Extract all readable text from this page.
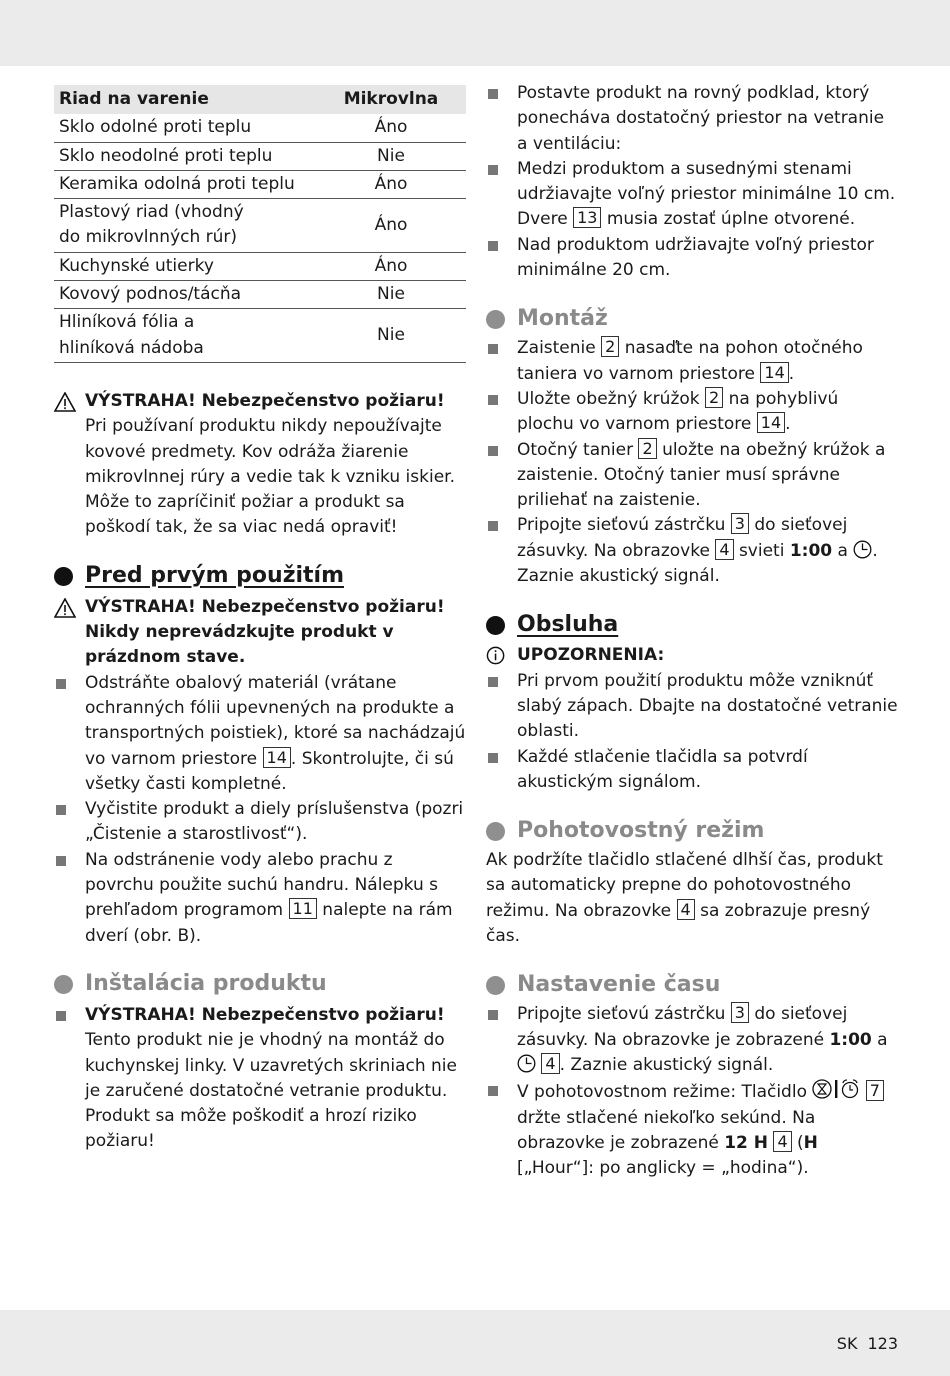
Riad na varenie	Mikrovlna
Sklo odolné proti teplu	Áno
Sklo neodolné proti teplu	Nie
Keramika odolná proti teplu	Áno
Plastový riad (vhodný do mikrovlnných rúr)	Áno
Kuchynské utierky	Áno
Kovový podnos/tácňa	Nie
Hliníková fólia a hliníková nádoba	Nie

VÝSTRAHA! Nebezpečenstvo požiaru!

Pri používaní produktu nikdy nepoužívajte kovové predmety. Kov odráža žiarenie mikrovlnnej rúry a vedie tak k vzniku iskier. Môže to zapríčiniť požiar a produkt sa poškodí tak, že sa viac nedá opraviť!

Pred prvým použitím

VÝSTRAHA! Nebezpečenstvo požiaru!

Nikdy neprevádzkujte produkt v prázdnom stave.

Odstráňte obalový materiál (vrátane ochranných fólii upevnených na produkte a transportných poistiek), ktoré sa nachádzajú vo varnom priestore 14 . Skontrolujte, či sú všetky časti kompletné.
Vyčistite produkt a diely príslušenstva (pozri „Čistenie a starostlivosť“).
Na odstránenie vody alebo prachu z povrchu použite suchú handru. Nálepku s prehľadom programom 11 nalepte na rám dverí (obr. B).
Inštalácia produktu
VÝSTRAHA! Nebezpečenstvo požiaru!
Tento produkt nie je vhodný na montáž do kuchynskej linky. V uzavretých skriniach nie je zaručené dostatočné vetranie produktu. Produkt sa môže poškodiť a hrozí riziko požiaru!
Postavte produkt na rovný podklad, ktorý ponecháva dostatočný priestor na vetranie a ventiláciu:
Medzi produktom a susednými stenami udržiavajte voľný priestor minimálne 10 cm. Dvere 13 musia zostať úplne otvorené.
Nad produktom udržiavajte voľný priestor minimálne 20 cm.
Montáž
Zaistenie 2 nasaďte na pohon otočného taniera vo varnom priestore 14 .
Uložte obežný krúžok 2 na pohyblivú plochu vo varnom priestore 14 .
Otočný tanier 2 uložte na obežný krúžok a zaistenie. Otočný tanier musí správne priliehať na zaistenie.
Pripojte sieťovú zástrčku 3 do sieťovej zásuvky. Na obrazovke 4 svieti 1:00 a . Zaznie akustický signál.
Obsluha

UPOZORNENIA:

Pri prvom použití produktu môže vzniknúť slabý zápach. Dbajte na dostatočné vetranie oblasti.
Každé stlačenie tlačidla sa potvrdí akustickým signálom.
Pohotovostný režim

Ak podržíte tlačidlo stlačené dlhší čas, produkt sa automaticky prepne do pohotovostného režimu. Na obrazovke 4 sa zobrazuje presný čas.

Nastavenie času
Pripojte sieťovú zástrčku 3 do sieťovej zásuvky. Na obrazovke je zobrazené 1:00 a  4 . Zaznie akustický signál.
V pohotovostnom režime: Tlačidlo	7 držte stlačené niekoľko sekúnd. Na obrazovke je zobrazené 12 H 4 (H [„Hour“]: po anglicky = „hodina“).
SK 123
